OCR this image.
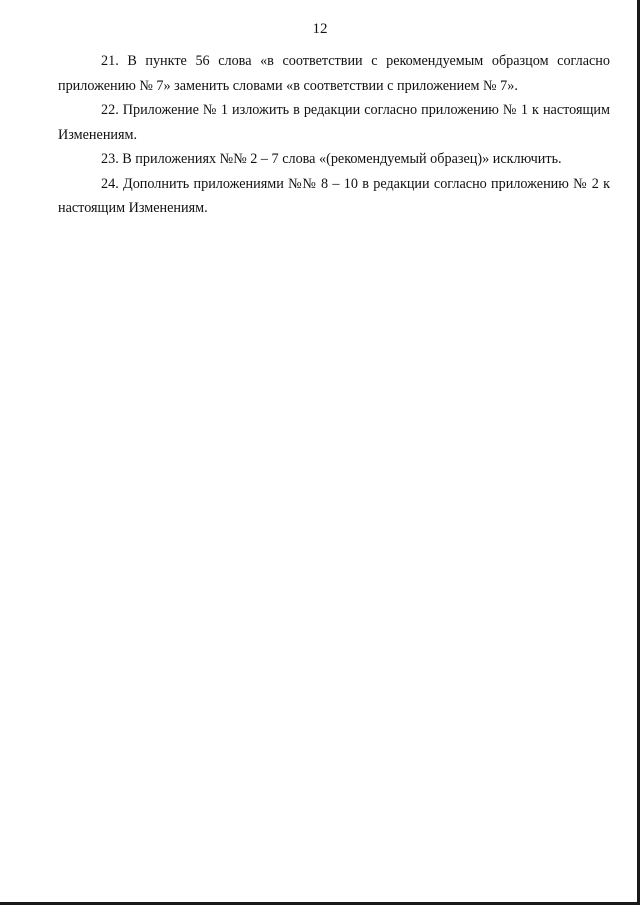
12

21. В пункте 56 слова «в соответствии с рекомендуемым образцом согласно приложению № 7» заменить словами «в соответствии с приложением № 7».

22. Приложение № 1 изложить в редакции согласно приложению № 1 к настоящим Изменениям.

23. В приложениях №№ 2 – 7 слова «(рекомендуемый образец)» исключить.

24. Дополнить приложениями №№ 8 – 10 в редакции согласно приложению № 2 к настоящим Изменениям.
